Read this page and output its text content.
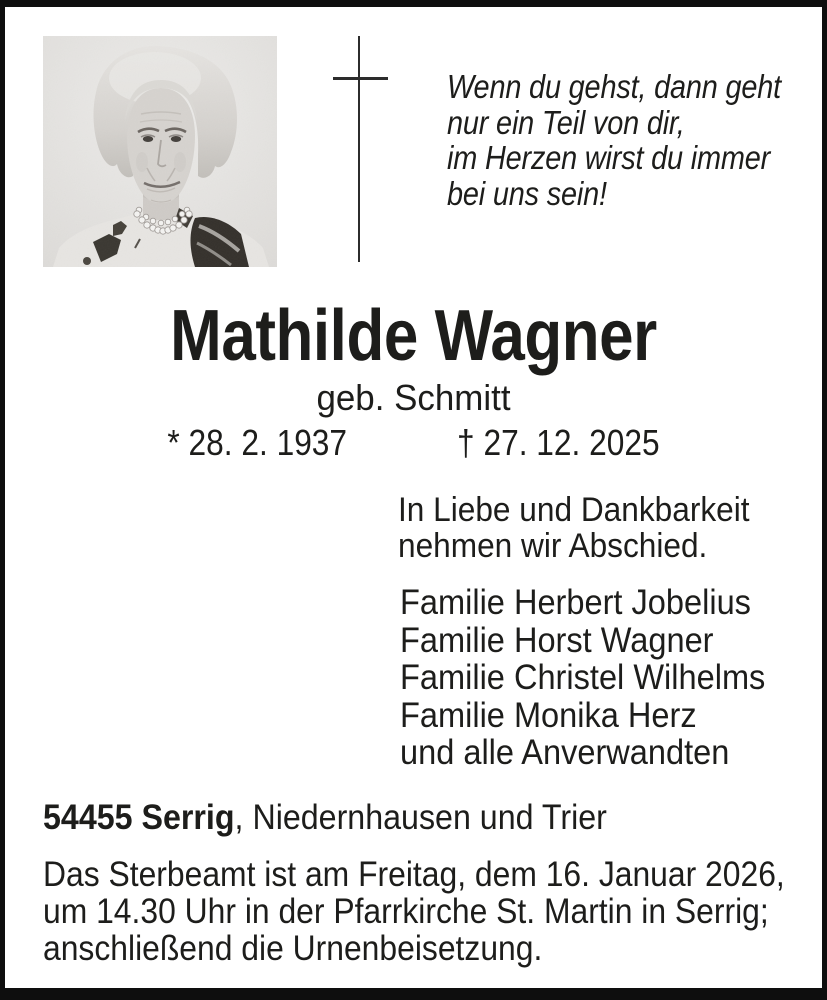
Wenn du gehst, dann geht
nur ein Teil von dir,
im Herzen wirst du immer
bei uns sein!
Mathilde Wagner
geb. Schmitt
* 28. 2. 1937	† 27. 12. 2025
In Liebe und Dankbarkeit
nehmen wir Abschied.
Familie Herbert Jobelius
Familie Horst Wagner
Familie Christel Wilhelms
Familie Monika Herz
und alle Anverwandten
54455 Serrig, Niedernhausen und Trier
Das Sterbeamt ist am Freitag, dem 16. Januar 2026,
um 14.30 Uhr in der Pfarrkirche St. Martin in Serrig;
anschließend die Urnenbeisetzung.
